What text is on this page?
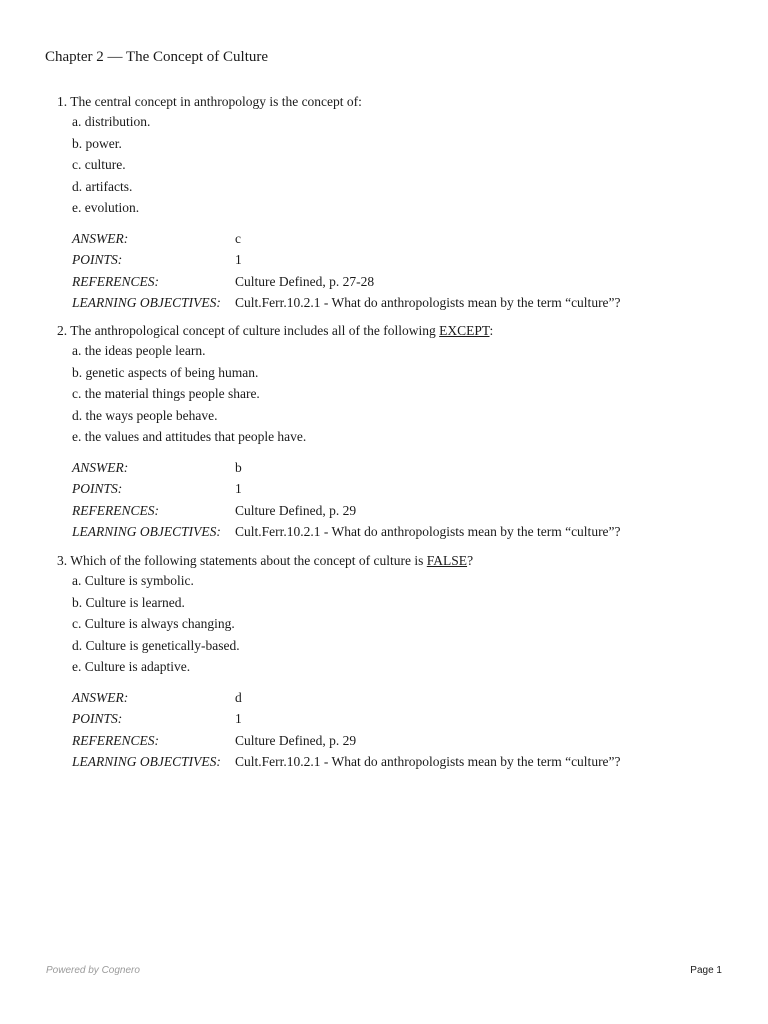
Chapter 2 — The Concept of Culture
1. The central concept in anthropology is the concept of:
a. distribution.
b. power.
c. culture.
d. artifacts.
e. evolution.
ANSWER:	c
POINTS:	1
REFERENCES:	Culture Defined, p. 27-28
LEARNING OBJECTIVES:	Cult.Ferr.10.2.1 - What do anthropologists mean by the term “culture”?
2. The anthropological concept of culture includes all of the following EXCEPT:
a. the ideas people learn.
b. genetic aspects of being human.
c. the material things people share.
d. the ways people behave.
e. the values and attitudes that people have.
ANSWER:	b
POINTS:	1
REFERENCES:	Culture Defined, p. 29
LEARNING OBJECTIVES:	Cult.Ferr.10.2.1 - What do anthropologists mean by the term “culture”?
3. Which of the following statements about the concept of culture is FALSE?
a. Culture is symbolic.
b. Culture is learned.
c. Culture is always changing.
d. Culture is genetically-based.
e. Culture is adaptive.
ANSWER:	d
POINTS:	1
REFERENCES:	Culture Defined, p. 29
LEARNING OBJECTIVES:	Cult.Ferr.10.2.1 - What do anthropologists mean by the term “culture”?
Powered by Cognero	Page 1
